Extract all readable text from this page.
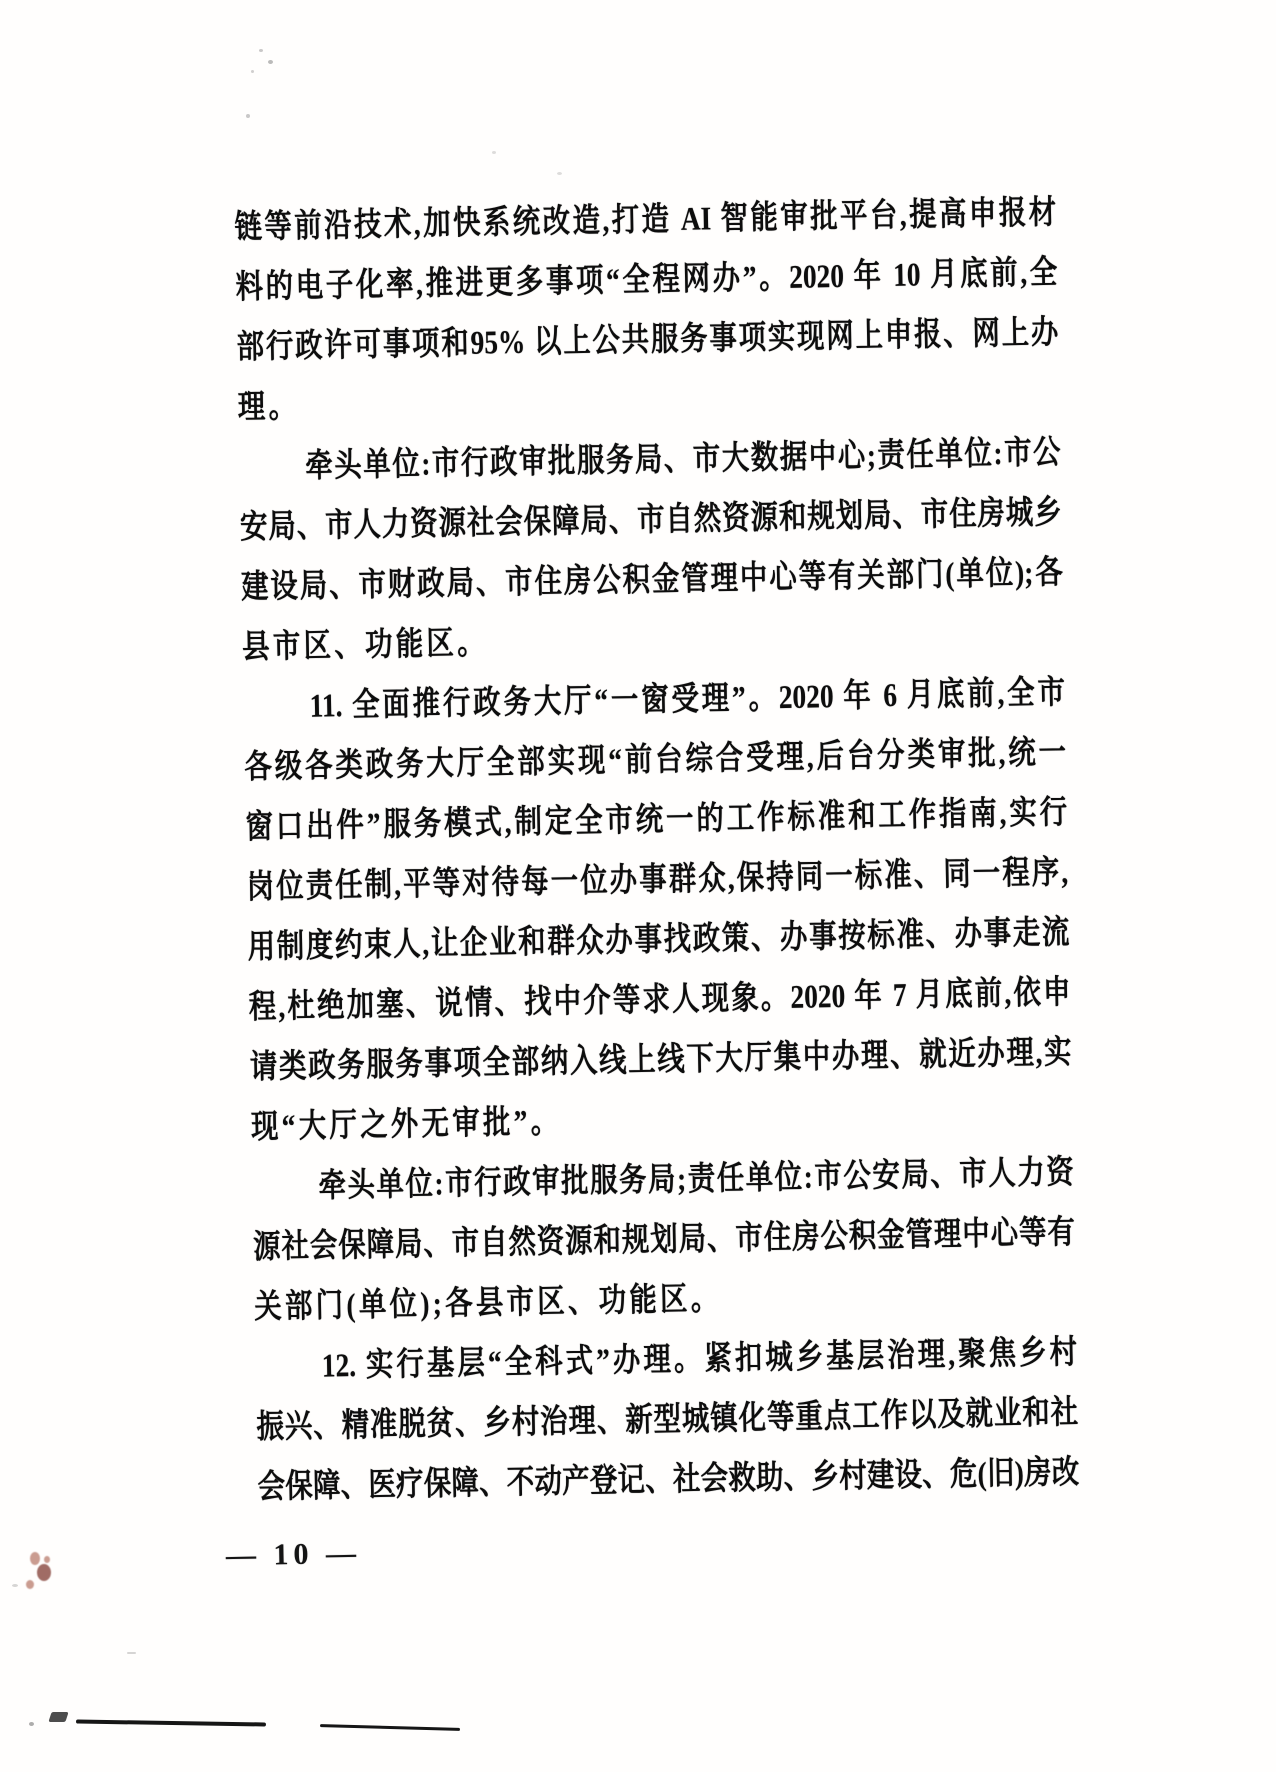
链等前沿技术,加快系统改造,打造 AI 智能审批平台,提高申报材
料的电子化率,推进更多事项“全程网办”。2020 年 10 月底前,全
部行政许可事项和95% 以上公共服务事项实现网上申报、网上办
理。
牵头单位:市行政审批服务局、市大数据中心;责任单位:市公
安局、市人力资源社会保障局、市自然资源和规划局、市住房城乡
建设局、市财政局、市住房公积金管理中心等有关部门(单位);各
县市区、功能区。
11. 全面推行政务大厅“一窗受理”。2020 年 6 月底前,全市
各级各类政务大厅全部实现“前台综合受理,后台分类审批,统一
窗口出件”服务模式,制定全市统一的工作标准和工作指南,实行
岗位责任制,平等对待每一位办事群众,保持同一标准、同一程序,
用制度约束人,让企业和群众办事找政策、办事按标准、办事走流
程,杜绝加塞、说情、找中介等求人现象。2020 年 7 月底前,依申
请类政务服务事项全部纳入线上线下大厅集中办理、就近办理,实
现“大厅之外无审批”。
牵头单位:市行政审批服务局;责任单位:市公安局、市人力资
源社会保障局、市自然资源和规划局、市住房公积金管理中心等有
关部门(单位);各县市区、功能区。
12. 实行基层“全科式”办理。紧扣城乡基层治理,聚焦乡村
振兴、精准脱贫、乡村治理、新型城镇化等重点工作以及就业和社
会保障、医疗保障、不动产登记、社会救助、乡村建设、危(旧)房改
— 10 —
